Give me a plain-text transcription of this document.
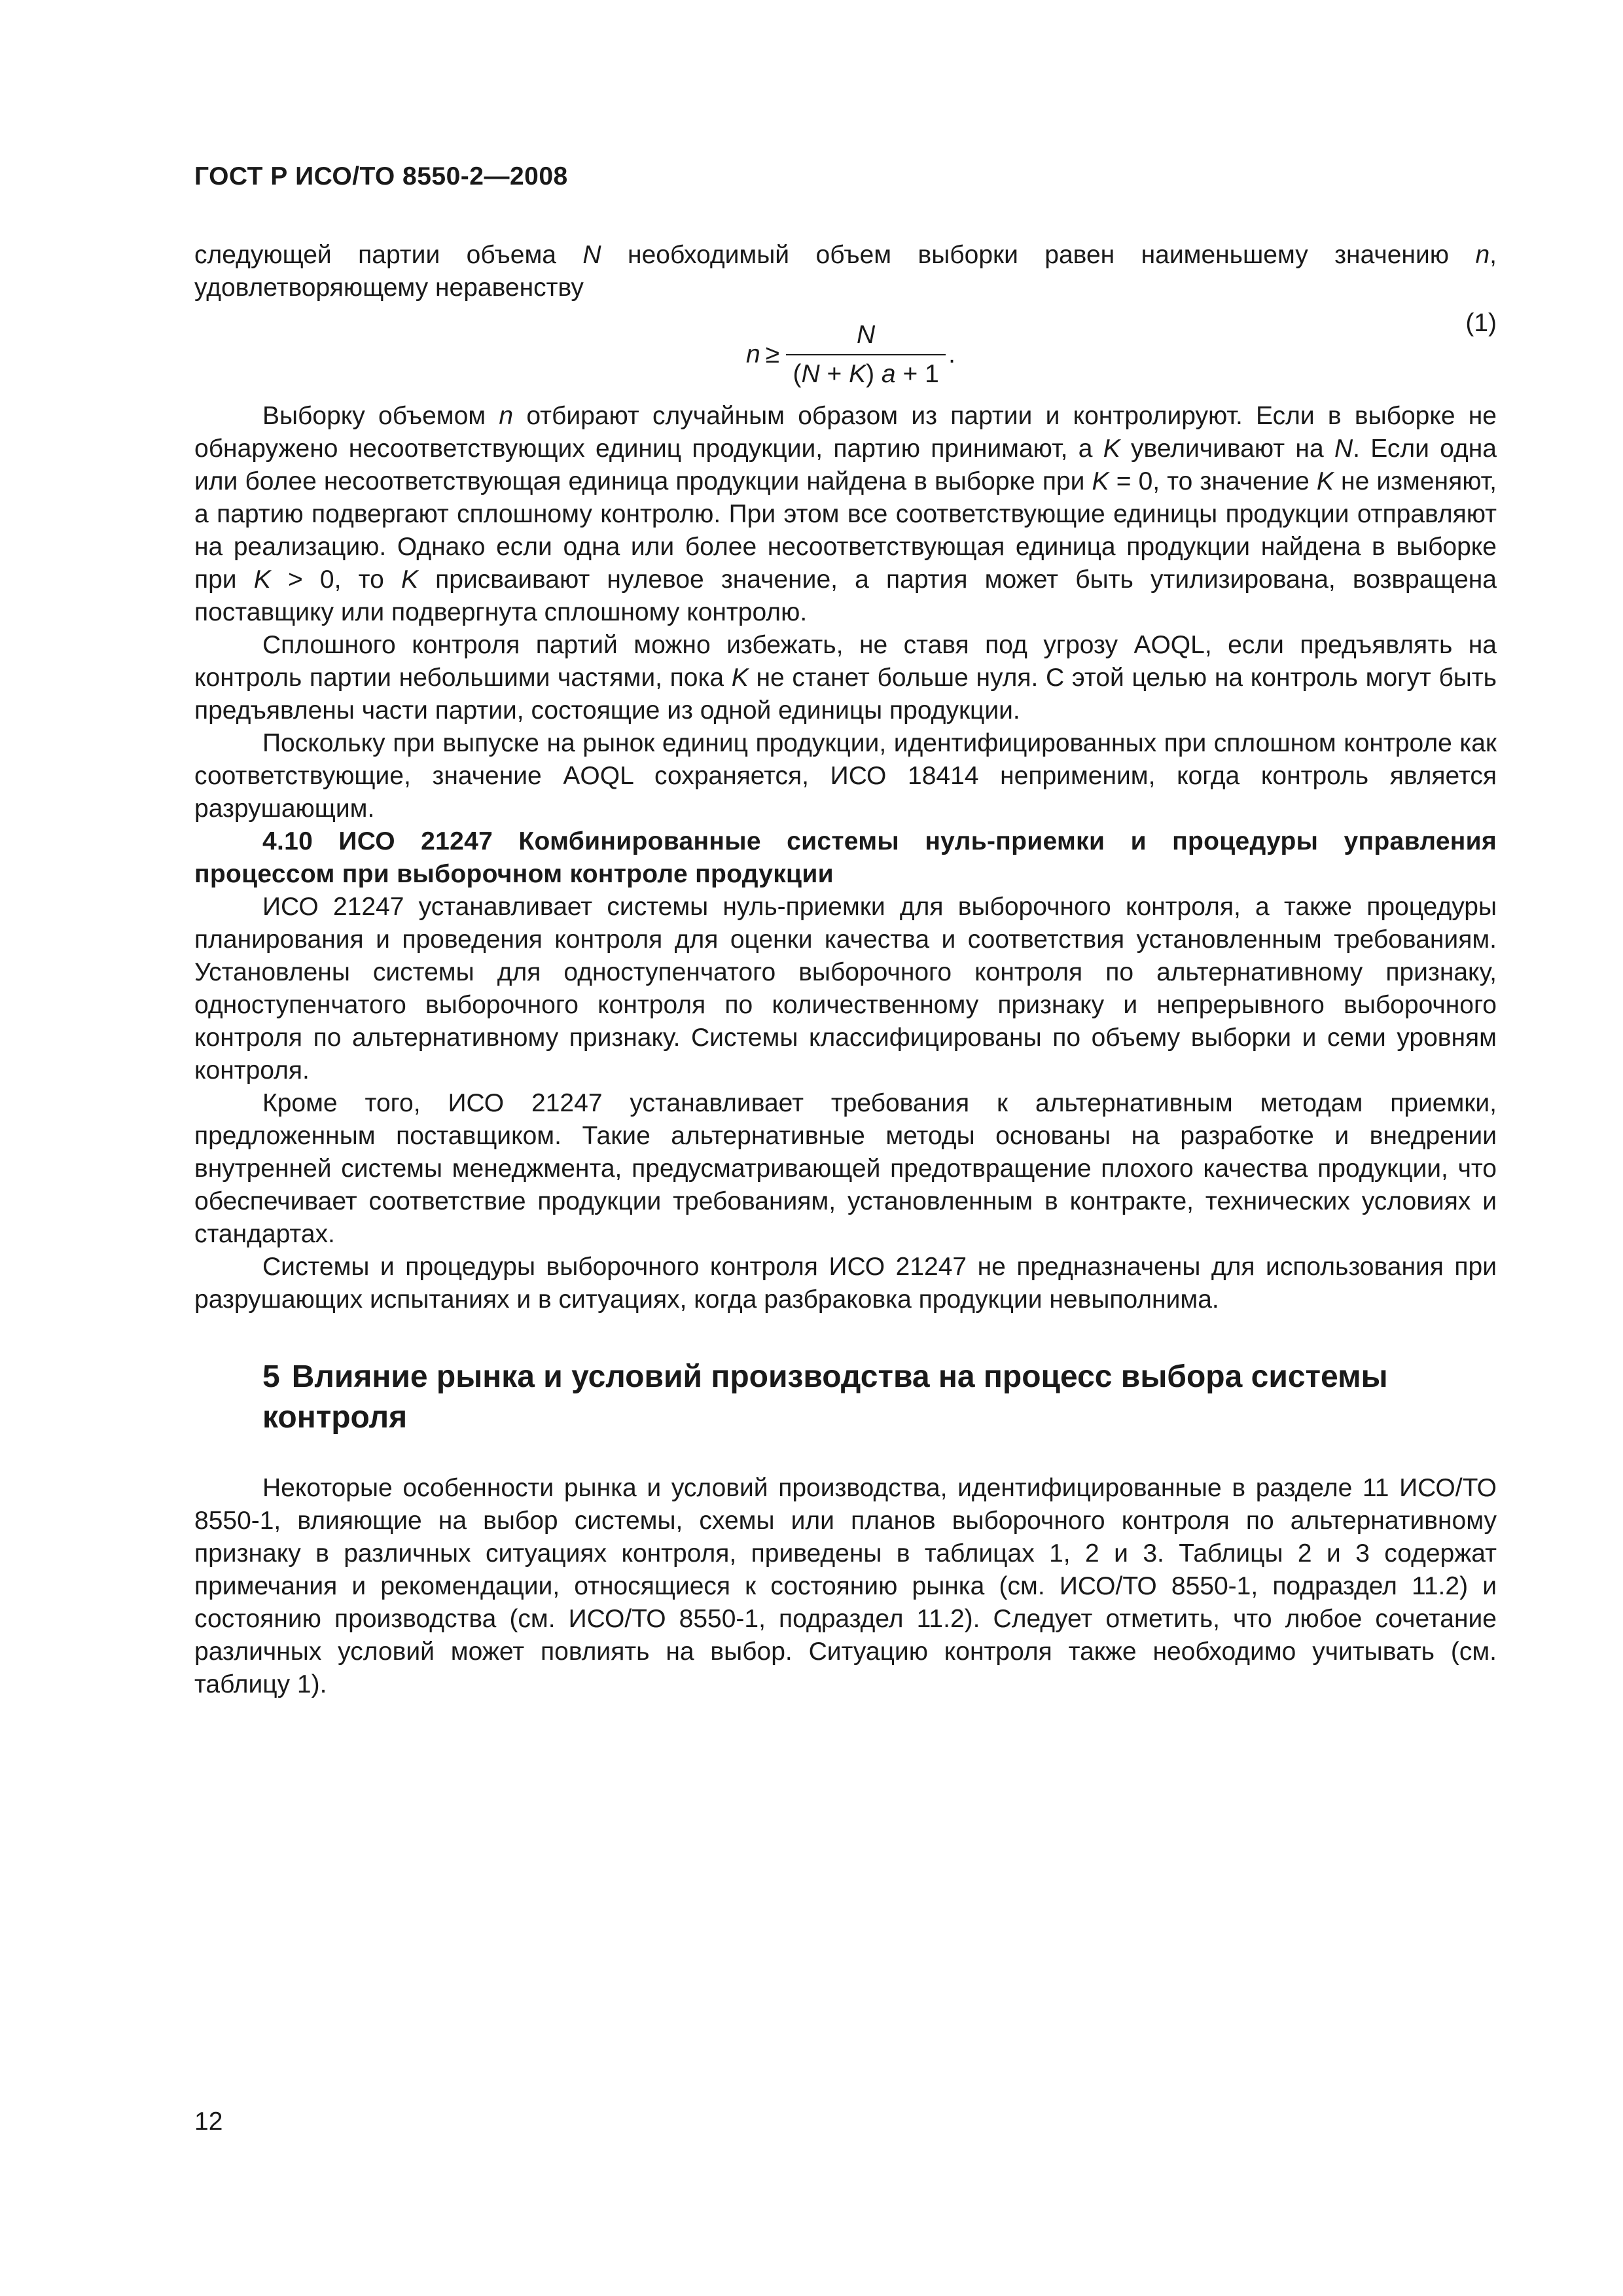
ГОСТ Р ИСО/ТО 8550-2—2008

следующей партии объема N необходимый объем выборки равен наименьшему значению n, удовлетворяющему неравенству

$n \ge \frac{N}{(N + K) a + 1}$ .
(1)

Выборку объемом n отбирают случайным образом из партии и контролируют. Если в выборке не обнаружено несоответствующих единиц продукции, партию принимают, а K увеличивают на N. Если одна или более несоответствующая единица продукции найдена в выборке при K = 0, то значение K не изменяют, а партию подвергают сплошному контролю. При этом все соответствующие единицы продукции отправляют на реализацию. Однако если одна или более несоответствующая единица продукции найдена в выборке при K > 0, то K присваивают нулевое значение, а партия может быть утилизирована, возвращена поставщику или подвергнута сплошному контролю.

Сплошного контроля партий можно избежать, не ставя под угрозу AOQL, если предъявлять на контроль партии небольшими частями, пока K не станет больше нуля. С этой целью на контроль могут быть предъявлены части партии, состоящие из одной единицы продукции.

Поскольку при выпуске на рынок единиц продукции, идентифицированных при сплошном контроле как соответствующие, значение AOQL сохраняется, ИСО 18414 неприменим, когда контроль является разрушающим.

4.10 ИСО 21247 Комбинированные системы нуль-приемки и процедуры управления процессом при выборочном контроле продукции

ИСО 21247 устанавливает системы нуль-приемки для выборочного контроля, а также процедуры планирования и проведения контроля для оценки качества и соответствия установленным требованиям. Установлены системы для одноступенчатого выборочного контроля по альтернативному признаку, одноступенчатого выборочного контроля по количественному признаку и непрерывного выборочного контроля по альтернативному признаку. Системы классифицированы по объему выборки и семи уровням контроля.

Кроме того, ИСО 21247 устанавливает требования к альтернативным методам приемки, предложенным поставщиком. Такие альтернативные методы основаны на разработке и внедрении внутренней системы менеджмента, предусматривающей предотвращение плохого качества продукции, что обеспечивает соответствие продукции требованиям, установленным в контракте, технических условиях и стандартах.

Системы и процедуры выборочного контроля ИСО 21247 не предназначены для использования при разрушающих испытаниях и в ситуациях, когда разбраковка продукции невыполнима.

5 Влияние рынка и условий производства на процесс выбора системы контроля

Некоторые особенности рынка и условий производства, идентифицированные в разделе 11 ИСО/ТО 8550-1, влияющие на выбор системы, схемы или планов выборочного контроля по альтернативному признаку в различных ситуациях контроля, приведены в таблицах 1, 2 и 3. Таблицы 2 и 3 содержат примечания и рекомендации, относящиеся к состоянию рынка (см. ИСО/ТО 8550-1, подраздел 11.2) и состоянию производства (см. ИСО/ТО 8550-1, подраздел 11.2). Следует отметить, что любое сочетание различных условий может повлиять на выбор. Ситуацию контроля также необходимо учитывать (см. таблицу 1).

12
